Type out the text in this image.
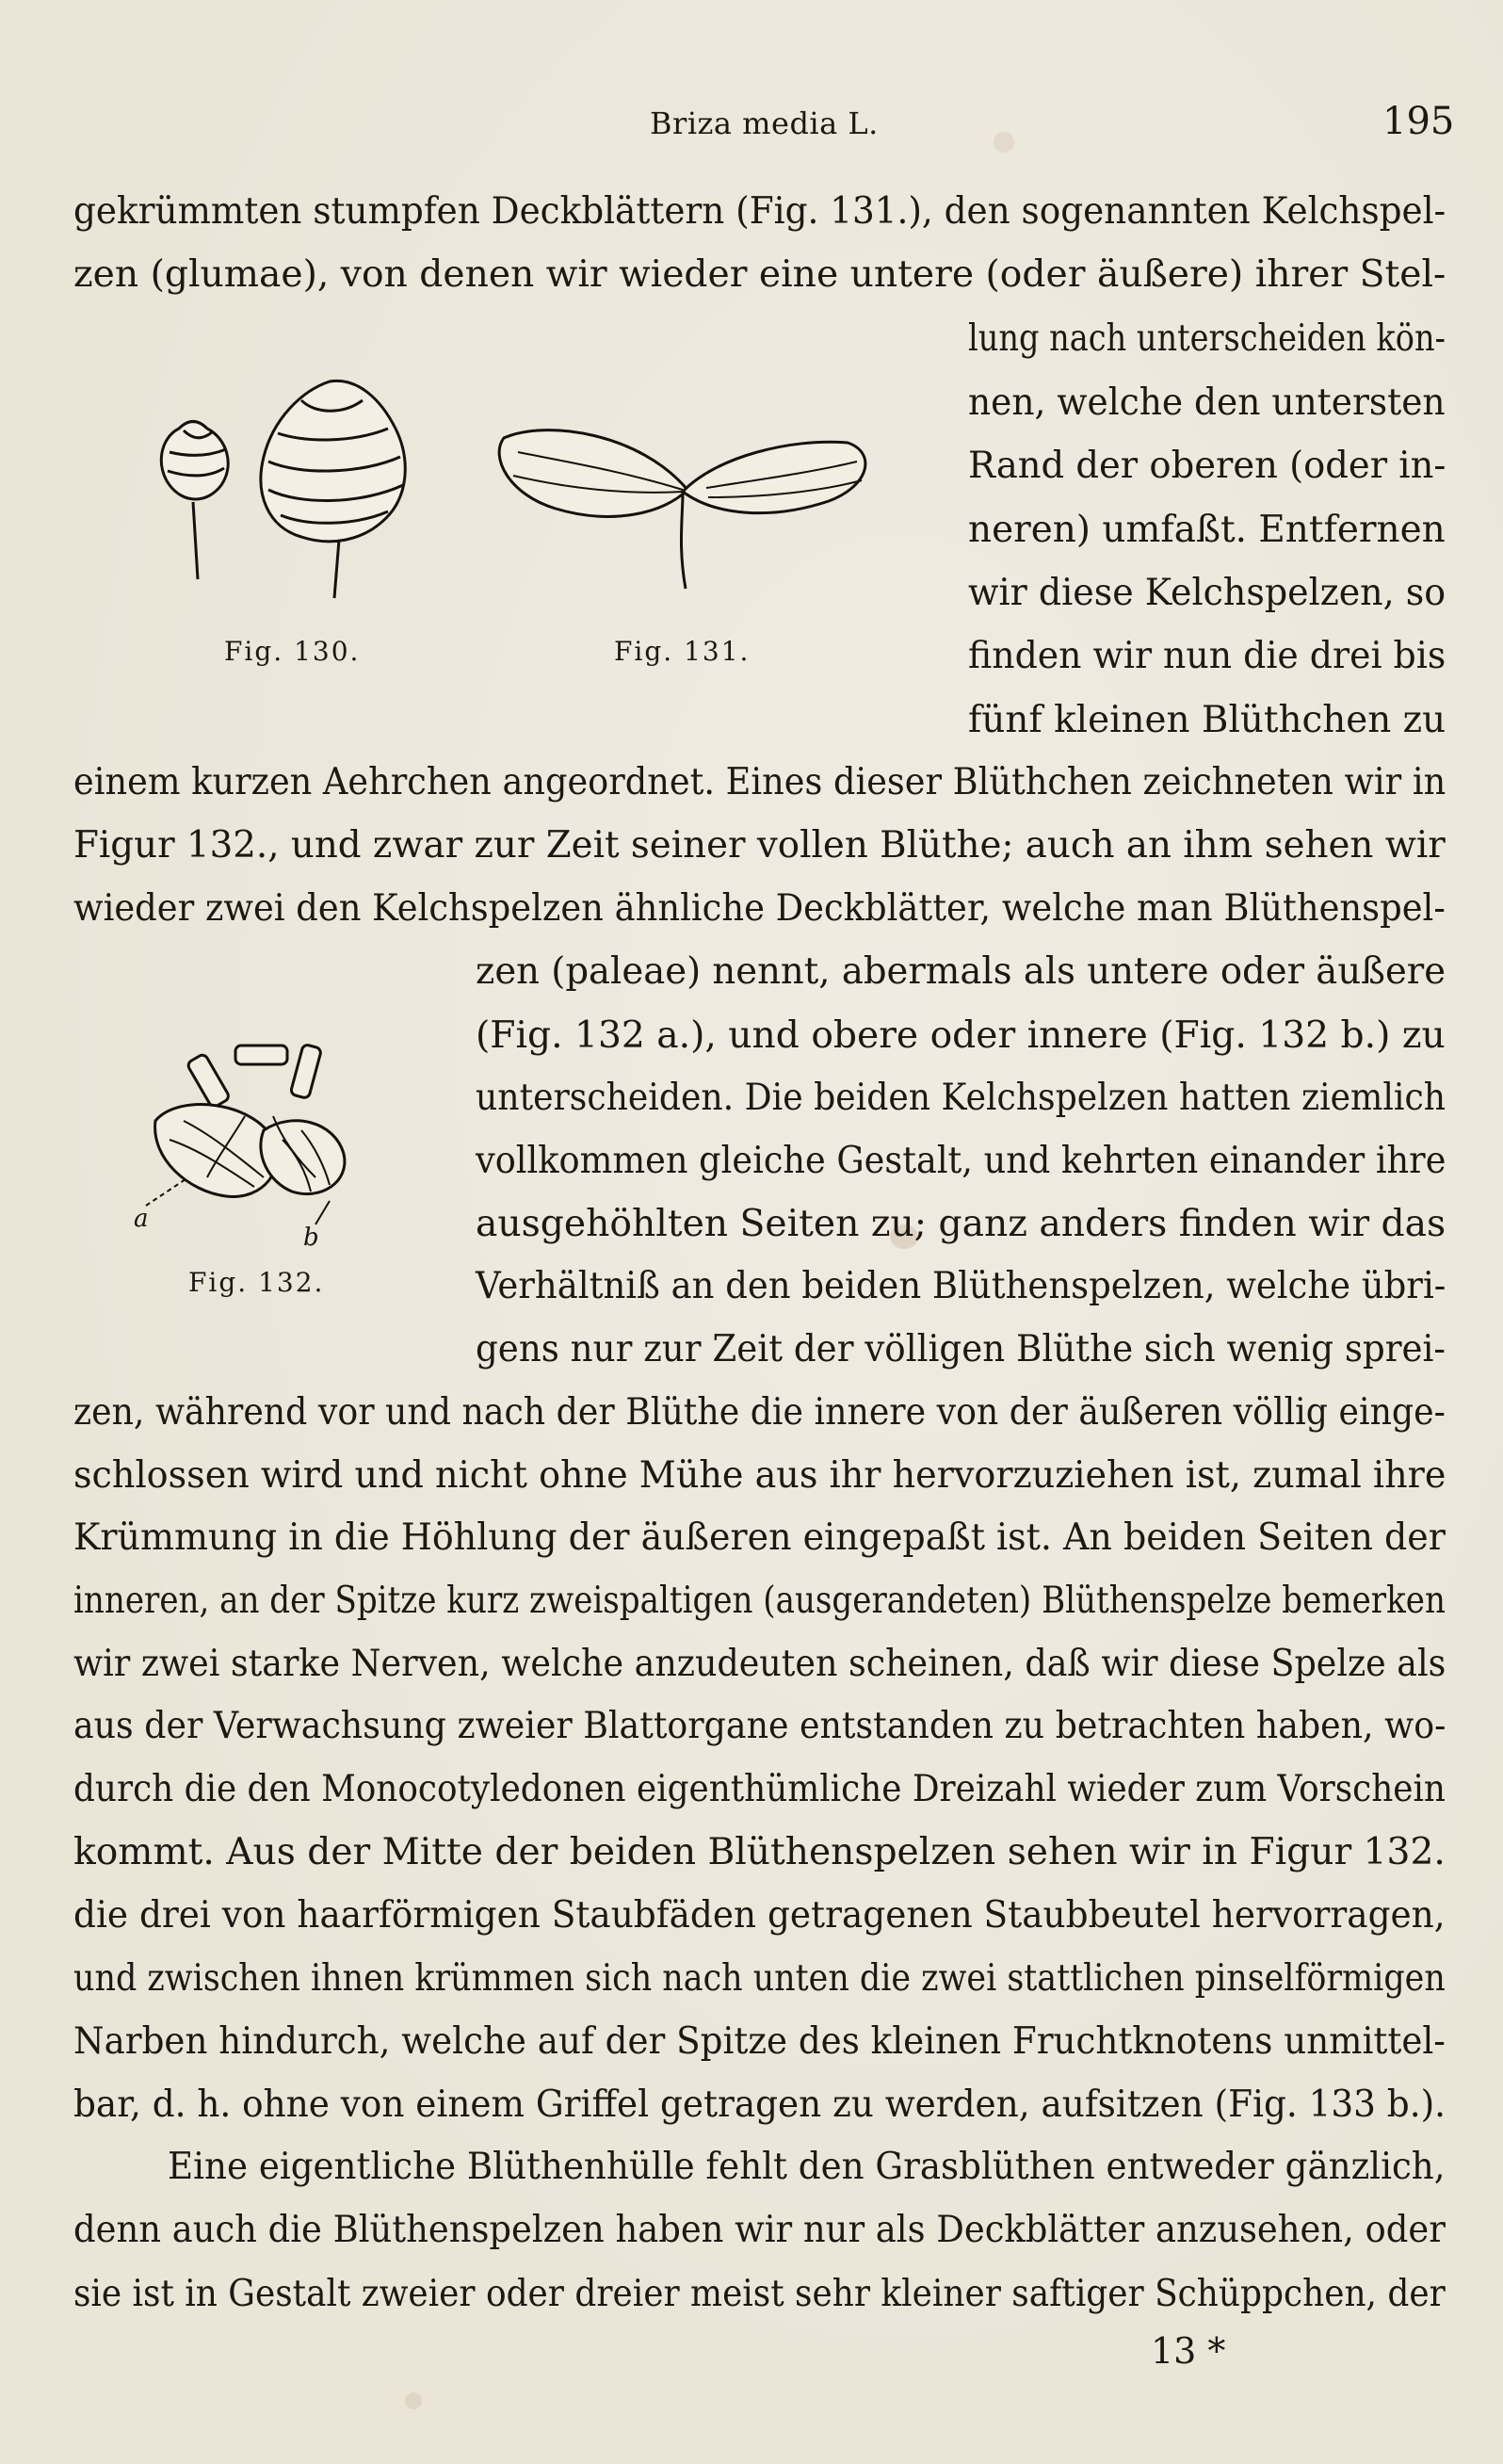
Briza media L.	195
a
b
Fig. 130.	Fig. 131.
Fig. 132.
gekrümmten stumpfen Deckblättern (Fig. 131.), den sogenannten Kelchspel-
zen (glumae), von denen wir wieder eine untere (oder äußere) ihrer Stel-
lung nach unterscheiden kön-
nen, welche den untersten
Rand der oberen (oder in-
neren) umfaßt. Entfernen
wir diese Kelchspelzen, so
finden wir nun die drei bis
fünf kleinen Blüthchen zu
einem kurzen Aehrchen angeordnet. Eines dieser Blüthchen zeichneten wir in
Figur 132., und zwar zur Zeit seiner vollen Blüthe; auch an ihm sehen wir
wieder zwei den Kelchspelzen ähnliche Deckblätter, welche man Blüthenspel-
zen (paleae) nennt, abermals als untere oder äußere
(Fig. 132 a.), und obere oder innere (Fig. 132 b.) zu
unterscheiden. Die beiden Kelchspelzen hatten ziemlich
vollkommen gleiche Gestalt, und kehrten einander ihre
ausgehöhlten Seiten zu; ganz anders finden wir das
Verhältniß an den beiden Blüthenspelzen, welche übri-
gens nur zur Zeit der völligen Blüthe sich wenig sprei-
zen, während vor und nach der Blüthe die innere von der äußeren völlig einge-
schlossen wird und nicht ohne Mühe aus ihr hervorzuziehen ist, zumal ihre
Krümmung in die Höhlung der äußeren eingepaßt ist. An beiden Seiten der
inneren, an der Spitze kurz zweispaltigen (ausgerandeten) Blüthenspelze bemerken
wir zwei starke Nerven, welche anzudeuten scheinen, daß wir diese Spelze als
aus der Verwachsung zweier Blattorgane entstanden zu betrachten haben, wo-
durch die den Monocotyledonen eigenthümliche Dreizahl wieder zum Vorschein
kommt. Aus der Mitte der beiden Blüthenspelzen sehen wir in Figur 132.
die drei von haarförmigen Staubfäden getragenen Staubbeutel hervorragen,
und zwischen ihnen krümmen sich nach unten die zwei stattlichen pinselförmigen
Narben hindurch, welche auf der Spitze des kleinen Fruchtknotens unmittel-
bar, d. h. ohne von einem Griffel getragen zu werden, aufsitzen (Fig. 133 b.).
Eine eigentliche Blüthenhülle fehlt den Grasblüthen entweder gänzlich,
denn auch die Blüthenspelzen haben wir nur als Deckblätter anzusehen, oder
sie ist in Gestalt zweier oder dreier meist sehr kleiner saftiger Schüppchen, der
13 *
